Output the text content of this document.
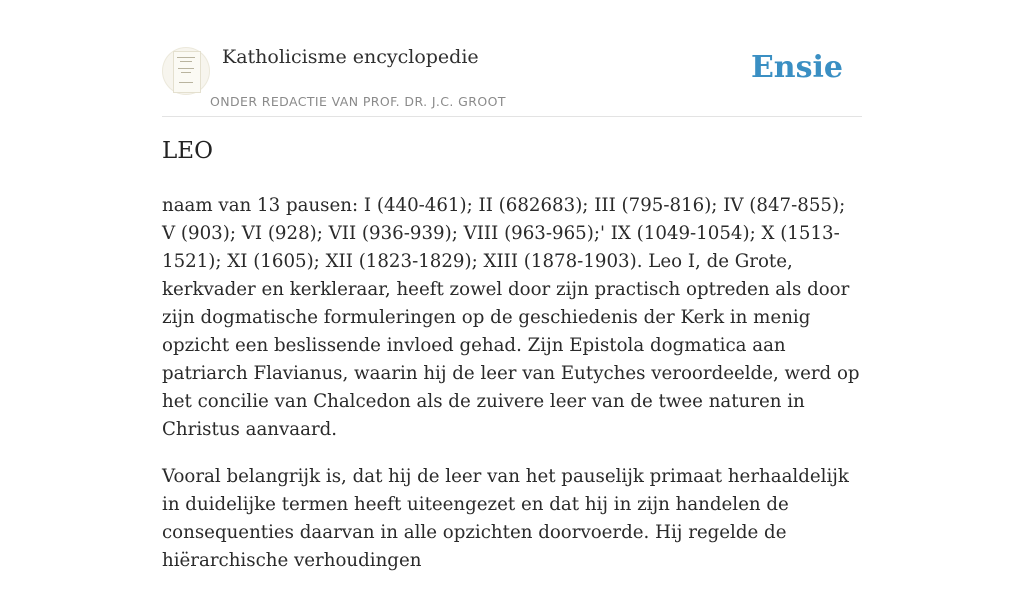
Katholicisme encyclopedie
ONDER REDACTIE VAN PROF. DR. J.C. GROOT
Ensie
LEO

naam van 13 pausen: I (440-461); II (682683); III (795-816); IV (847-855); V (903); VI (928); VII (936-939); VIII (963-965);' IX (1049-1054); X (1513-1521); XI (1605); XII (1823-1829); XIII (1878-1903). Leo I, de Grote, kerkvader en kerkleraar, heeft zowel door zijn practisch optreden als door zijn dogmatische formuleringen op de geschiedenis der Kerk in menig opzicht een beslissende invloed gehad. Zijn Epistola dogmatica aan patriarch Flavianus, waarin hij de leer van Eutyches veroordeelde, werd op het concilie van Chalcedon als de zuivere leer van de twee naturen in Christus aanvaard.

Vooral belangrijk is, dat hij de leer van het pauselijk primaat herhaaldelijk in duidelijke termen heeft uiteengezet en dat hij in zijn handelen de consequenties daarvan in alle opzichten doorvoerde. Hij regelde de hiërarchische verhoudingen
